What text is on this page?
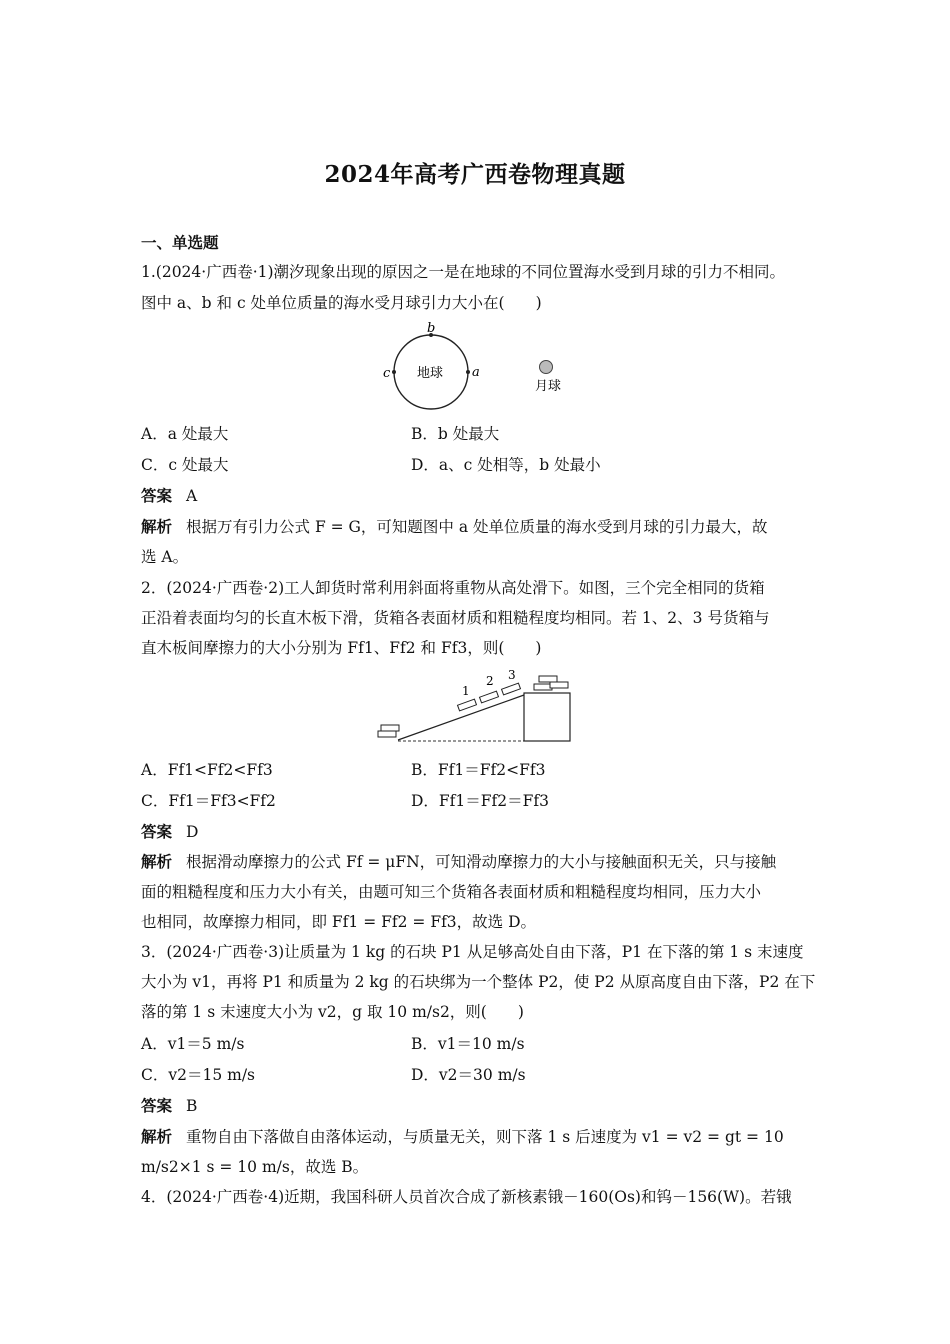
2024年高考广西卷物理真题
一、单选题
1.(2024·广西卷·1)潮汐现象出现的原因之一是在地球的不同位置海水受到月球的引力不相同。
图中 a、b 和 c 处单位质量的海水受月球引力大小在(　　)
b
a
c 地球
月球
A．a 处最大	B．b 处最大
C．c 处最大	D．a、c 处相等，b 处最小
答案 A
解析 根据万有引力公式 F = G，可知题图中 a 处单位质量的海水受到月球的引力最大，故
选 A。
2．(2024·广西卷·2)工人卸货时常利用斜面将重物从高处滑下。如图，三个完全相同的货箱
正沿着表面均匀的长直木板下滑，货箱各表面材质和粗糙程度均相同。若 1、2、3 号货箱与
直木板间摩擦力的大小分别为 Ff1、Ff2 和 Ff3，则(　　)
1
2 3
A．Ff1<Ff2<Ff3	B．Ff1＝Ff2<Ff3
C．Ff1＝Ff3<Ff2	D．Ff1＝Ff2＝Ff3
答案 D
解析 根据滑动摩擦力的公式 Ff = μFN，可知滑动摩擦力的大小与接触面积无关，只与接触
面的粗糙程度和压力大小有关，由题可知三个货箱各表面材质和粗糙程度均相同，压力大小
也相同，故摩擦力相同，即 Ff1 = Ff2 = Ff3，故选 D。
3．(2024·广西卷·3)让质量为 1 kg 的石块 P1 从足够高处自由下落，P1 在下落的第 1 s 末速度
大小为 v1，再将 P1 和质量为 2 kg 的石块绑为一个整体 P2，使 P2 从原高度自由下落，P2 在下
落的第 1 s 末速度大小为 v2，g 取 10 m/s2，则(　　)
A．v1＝5 m/s	B．v1＝10 m/s
C．v2＝15 m/s	D．v2＝30 m/s
答案 B
解析 重物自由下落做自由落体运动，与质量无关，则下落 1 s 后速度为 v1 = v2 = gt = 10
m/s2×1 s = 10 m/s，故选 B。
4．(2024·广西卷·4)近期，我国科研人员首次合成了新核素锇－160(Os)和钨－156(W)。若锇
